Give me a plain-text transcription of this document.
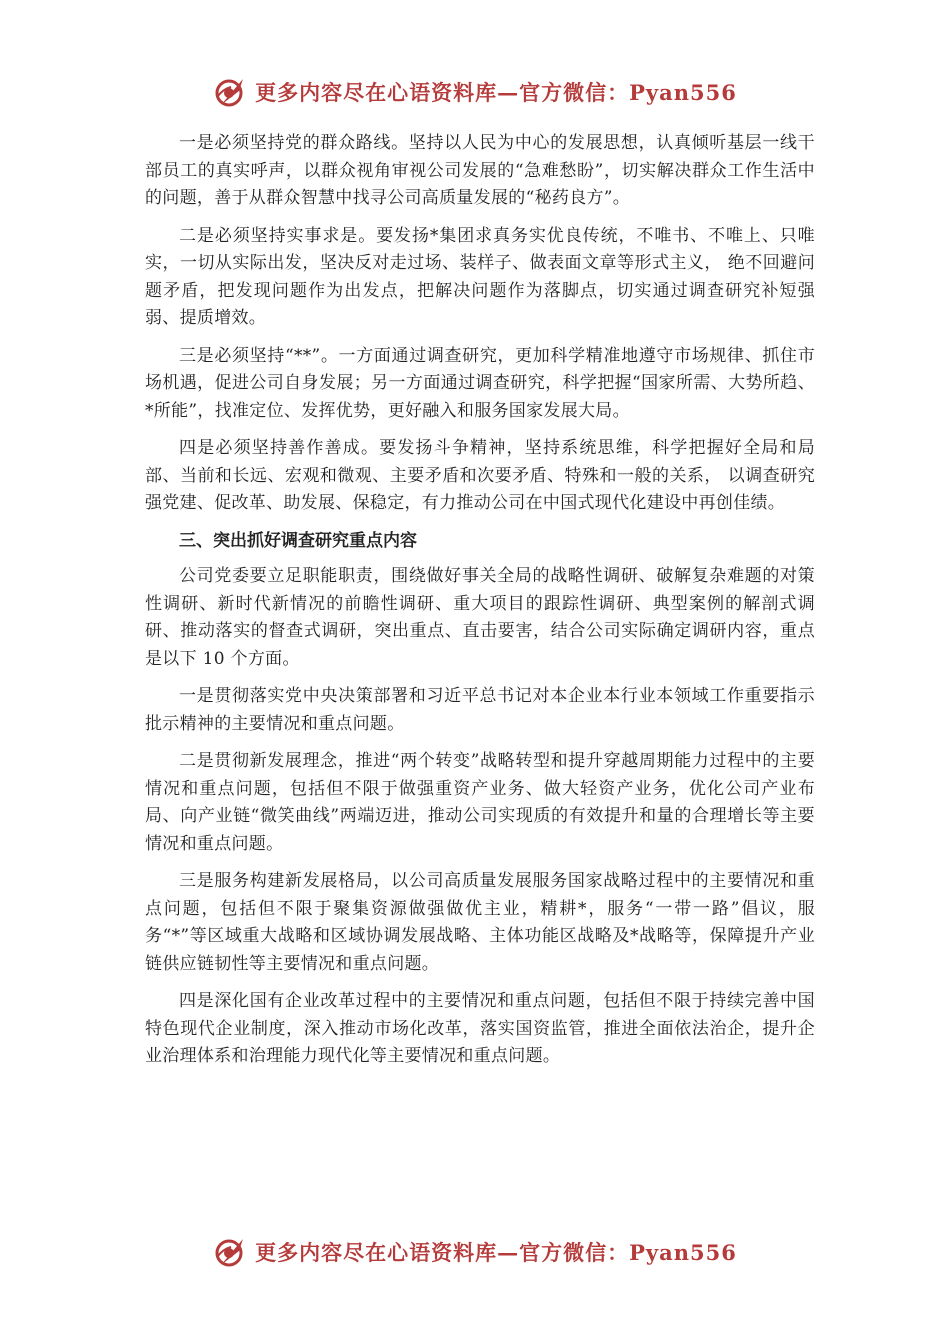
更多内容尽在心语资料库—官方微信：Pyan556

一是必须坚持党的群众路线。坚持以人民为中心的发展思想，认真倾听基层一线干部员工的真实呼声，以群众视角审视公司发展的“急难愁盼”，切实解决群众工作生活中的问题，善于从群众智慧中找寻公司高质量发展的“秘药良方”。

二是必须坚持实事求是。要发扬*集团求真务实优良传统，不唯书、不唯上、只唯实，一切从实际出发，坚决反对走过场、装样子、做表面文章等形式主义， 绝不回避问题矛盾，把发现问题作为出发点，把解决问题作为落脚点，切实通过调查研究补短强弱、提质增效。

三是必须坚持“**”。一方面通过调查研究，更加科学精准地遵守市场规律、抓住市场机遇，促进公司自身发展；另一方面通过调查研究，科学把握“国家所需、大势所趋、*所能”，找准定位、发挥优势，更好融入和服务国家发展大局。

四是必须坚持善作善成。要发扬斗争精神，坚持系统思维，科学把握好全局和局部、当前和长远、宏观和微观、主要矛盾和次要矛盾、特殊和一般的关系， 以调查研究强党建、促改革、助发展、保稳定，有力推动公司在中国式现代化建设中再创佳绩。

三、突出抓好调查研究重点内容

公司党委要立足职能职责，围绕做好事关全局的战略性调研、破解复杂难题的对策性调研、新时代新情况的前瞻性调研、重大项目的跟踪性调研、典型案例的解剖式调研、推动落实的督查式调研，突出重点、直击要害，结合公司实际确定调研内容，重点是以下 10 个方面。

一是贯彻落实党中央决策部署和习近平总书记对本企业本行业本领域工作重要指示批示精神的主要情况和重点问题。

二是贯彻新发展理念，推进“两个转变”战略转型和提升穿越周期能力过程中的主要情况和重点问题，包括但不限于做强重资产业务、做大轻资产业务，优化公司产业布局、向产业链“微笑曲线”两端迈进，推动公司实现质的有效提升和量的合理增长等主要情况和重点问题。

三是服务构建新发展格局，以公司高质量发展服务国家战略过程中的主要情况和重点问题，包括但不限于聚集资源做强做优主业，精耕*，服务“一带一路”倡议，服务“*”等区域重大战略和区域协调发展战略、主体功能区战略及*战略等，保障提升产业链供应链韧性等主要情况和重点问题。

四是深化国有企业改革过程中的主要情况和重点问题，包括但不限于持续完善中国特色现代企业制度，深入推动市场化改革，落实国资监管，推进全面依法治企，提升企业治理体系和治理能力现代化等主要情况和重点问题。

更多内容尽在心语资料库—官方微信：Pyan556
